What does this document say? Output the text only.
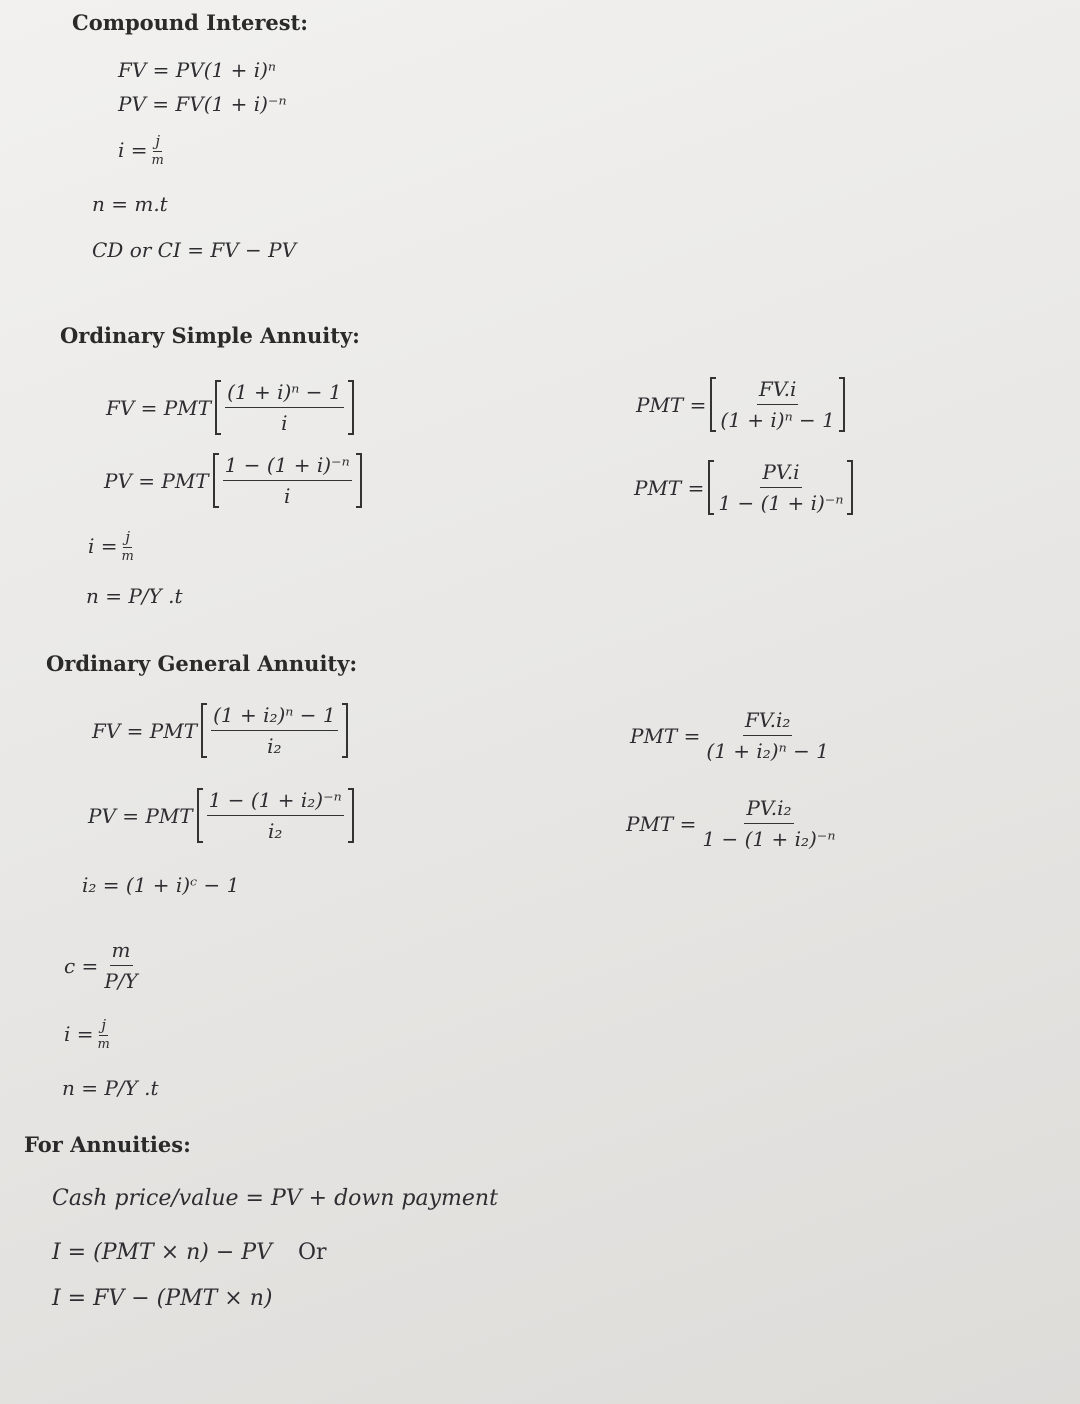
Compound Interest:
FV = PV(1 + i)ⁿ
PV = FV(1 + i)⁻ⁿ
$i = \frac{j}{m}$
n = m.t
CD or CI = FV − PV
Ordinary Simple Annuity:
FV = PMT $\frac{\text{(1 + i)ⁿ − 1}}{i}$
PV = PMT $\frac{\text{1 − (1 + i)⁻ⁿ}}{i}$
PMT = $\frac{FV.i}{\text{(1 + i)ⁿ − 1}}$
PMT = $\frac{PV.i}{\text{1 − (1 + i)⁻ⁿ}}$
$i = \frac{j}{m}$
n = P/Y .t
Ordinary General Annuity:
FV = PMT $\frac{\text{(1 + i₂)ⁿ − 1}}{\text{i₂}}$
PV = PMT $\frac{\text{1 − (1 + i₂)⁻ⁿ}}{\text{i₂}}$
PMT = $\frac{\text{FV.i₂}}{\text{(1 + i₂)ⁿ − 1}}$
PMT = $\frac{\text{PV.i₂}}{\text{1 − (1 + i₂)⁻ⁿ}}$
i₂ = (1 + i)ᶜ − 1
$c = \frac{m}{P/Y}$
$i = \frac{j}{m}$
n = P/Y .t
For Annuities:
Cash price/value = PV + down payment
I = (PMT × n) − PV Or
I = FV − (PMT × n)
